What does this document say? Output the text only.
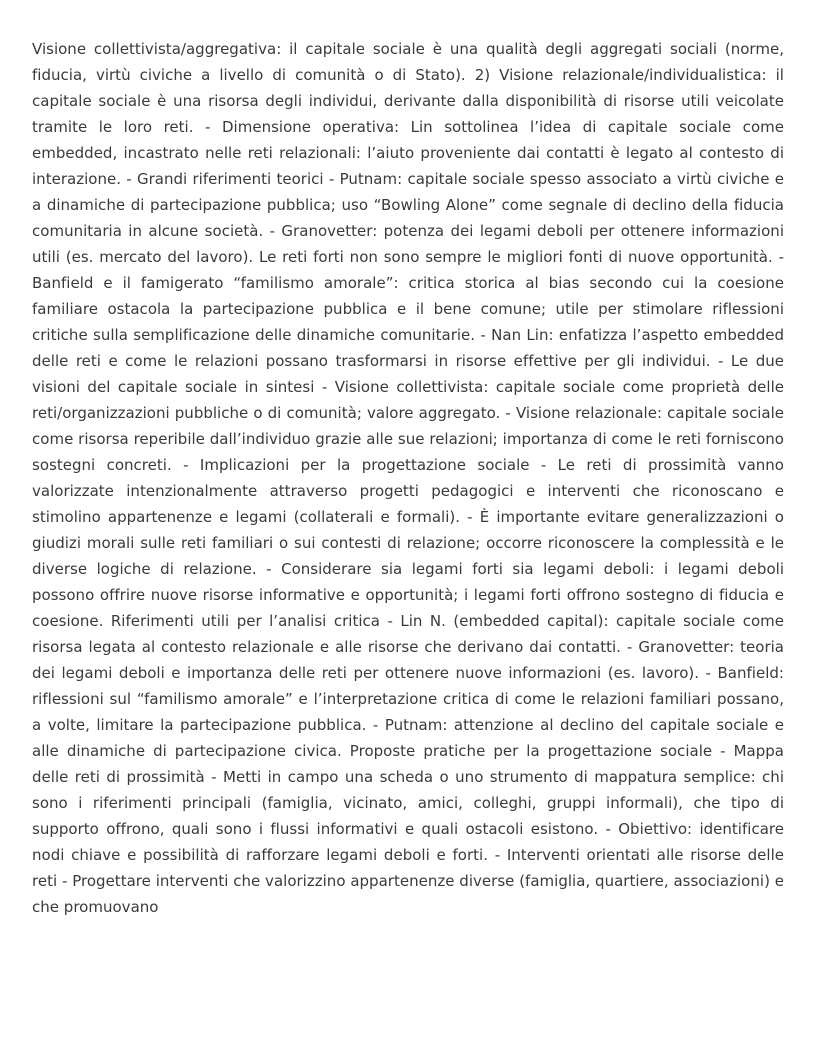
Visione collettivista/aggregativa: il capitale sociale è una qualità degli aggregati sociali (norme, fiducia, virtù civiche a livello di comunità o di Stato). 2) Visione relazionale/individualistica: il capitale sociale è una risorsa degli individui, derivante dalla disponibilità di risorse utili veicolate tramite le loro reti. - Dimensione operativa: Lin sottolinea l’idea di capitale sociale come embedded, incastrato nelle reti relazionali: l’aiuto proveniente dai contatti è legato al contesto di interazione. - Grandi riferimenti teorici - Putnam: capitale sociale spesso associato a virtù civiche e a dinamiche di partecipazione pubblica; uso “Bowling Alone” come segnale di declino della fiducia comunitaria in alcune società. - Granovetter: potenza dei legami deboli per ottenere informazioni utili (es. mercato del lavoro). Le reti forti non sono sempre le migliori fonti di nuove opportunità. - Banfield e il famigerato “familismo amorale”: critica storica al bias secondo cui la coesione familiare ostacola la partecipazione pubblica e il bene comune; utile per stimolare riflessioni critiche sulla semplificazione delle dinamiche comunitarie. - Nan Lin: enfatizza l’aspetto embedded delle reti e come le relazioni possano trasformarsi in risorse effettive per gli individui. - Le due visioni del capitale sociale in sintesi - Visione collettivista: capitale sociale come proprietà delle reti/organizzazioni pubbliche o di comunità; valore aggregato. - Visione relazionale: capitale sociale come risorsa reperibile dall’individuo grazie alle sue relazioni; importanza di come le reti forniscono sostegni concreti. - Implicazioni per la progettazione sociale - Le reti di prossimità vanno valorizzate intenzionalmente attraverso progetti pedagogici e interventi che riconoscano e stimolino appartenenze e legami (collaterali e formali). - È importante evitare generalizzazioni o giudizi morali sulle reti familiari o sui contesti di relazione; occorre riconoscere la complessità e le diverse logiche di relazione. - Considerare sia legami forti sia legami deboli: i legami deboli possono offrire nuove risorse informative e opportunità; i legami forti offrono sostegno di fiducia e coesione. Riferimenti utili per l’analisi critica - Lin N. (embedded capital): capitale sociale come risorsa legata al contesto relazionale e alle risorse che derivano dai contatti. - Granovetter: teoria dei legami deboli e importanza delle reti per ottenere nuove informazioni (es. lavoro). - Banfield: riflessioni sul “familismo amorale” e l’interpretazione critica di come le relazioni familiari possano, a volte, limitare la partecipazione pubblica. - Putnam: attenzione al declino del capitale sociale e alle dinamiche di partecipazione civica. Proposte pratiche per la progettazione sociale - Mappa delle reti di prossimità - Metti in campo una scheda o uno strumento di mappatura semplice: chi sono i riferimenti principali (famiglia, vicinato, amici, colleghi, gruppi informali), che tipo di supporto offrono, quali sono i flussi informativi e quali ostacoli esistono. - Obiettivo: identificare nodi chiave e possibilità di rafforzare legami deboli e forti. - Interventi orientati alle risorse delle reti - Progettare interventi che valorizzino appartenenze diverse (famiglia, quartiere, associazioni) e che promuovano
